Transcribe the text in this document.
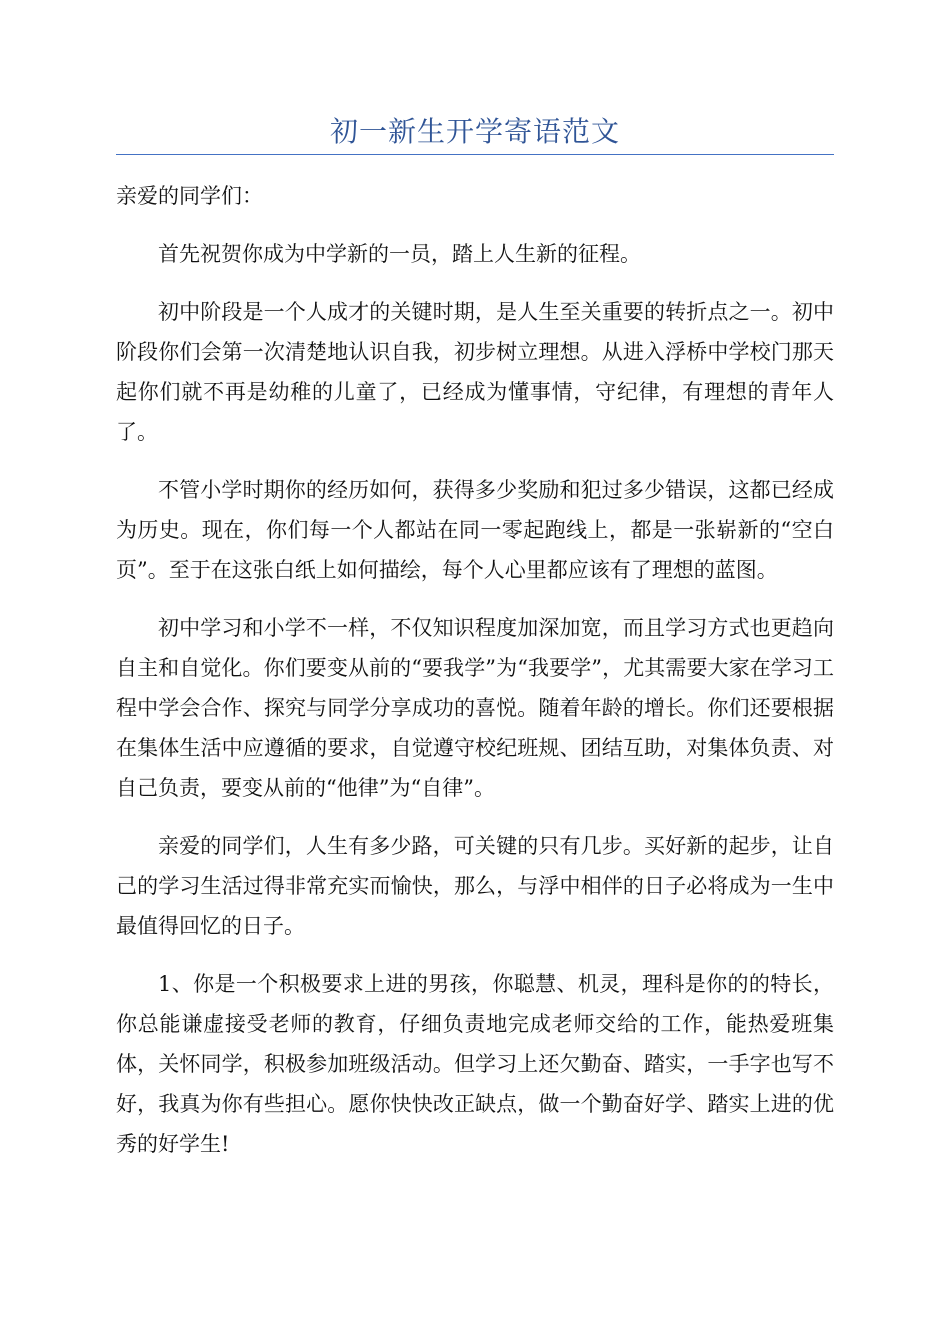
初一新生开学寄语范文

亲爱的同学们：

首先祝贺你成为中学新的一员，踏上人生新的征程。

初中阶段是一个人成才的关键时期，是人生至关重要的转折点之一。初中阶段你们会第一次清楚地认识自我，初步树立理想。从进入浮桥中学校门那天起你们就不再是幼稚的儿童了，已经成为懂事情，守纪律，有理想的青年人了。

不管小学时期你的经历如何，获得多少奖励和犯过多少错误，这都已经成为历史。现在，你们每一个人都站在同一零起跑线上，都是一张崭新的“空白页”。至于在这张白纸上如何描绘，每个人心里都应该有了理想的蓝图。

初中学习和小学不一样，不仅知识程度加深加宽，而且学习方式也更趋向自主和自觉化。你们要变从前的“要我学”为“我要学”，尤其需要大家在学习工程中学会合作、探究与同学分享成功的喜悦。随着年龄的增长。你们还要根据在集体生活中应遵循的要求，自觉遵守校纪班规、团结互助，对集体负责、对自己负责，要变从前的“他律”为“自律”。

亲爱的同学们，人生有多少路，可关键的只有几步。买好新的起步，让自己的学习生活过得非常充实而愉快，那么，与浮中相伴的日子必将成为一生中最值得回忆的日子。

1、你是一个积极要求上进的男孩，你聪慧、机灵，理科是你的的特长，你总能谦虚接受老师的教育，仔细负责地完成老师交给的工作，能热爱班集体，关怀同学，积极参加班级活动。但学习上还欠勤奋、踏实，一手字也写不好，我真为你有些担心。愿你快快改正缺点，做一个勤奋好学、踏实上进的优秀的好学生!
